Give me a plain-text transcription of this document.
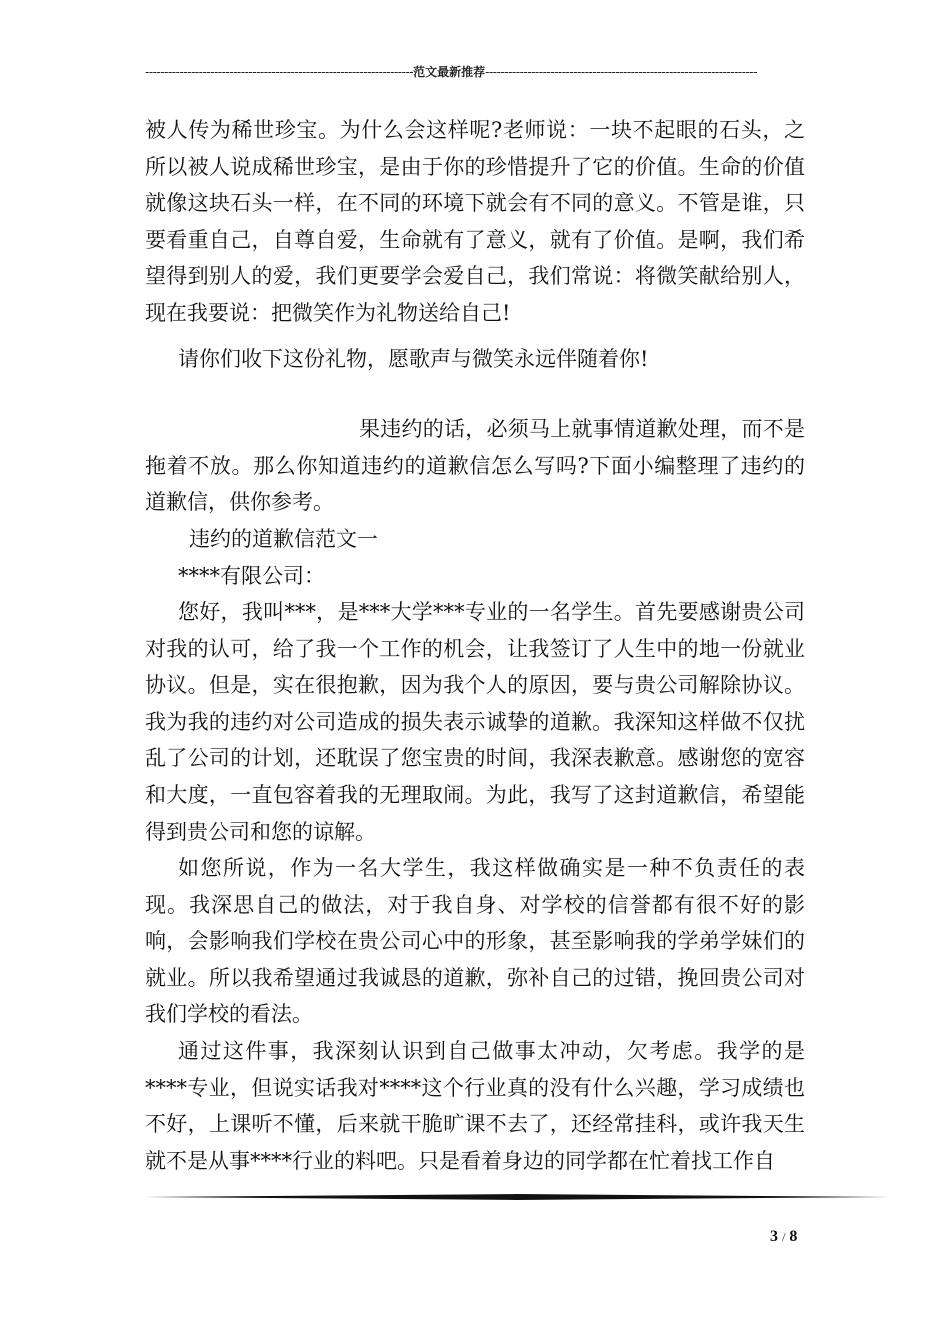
----------------------------------------------------------------------范文最新推荐-----------------------------------------------------------------------

被人传为稀世珍宝。为什么会这样呢?老师说：一块不起眼的石头，之所以被人说成稀世珍宝，是由于你的珍惜提升了它的价值。生命的价值就像这块石头一样，在不同的环境下就会有不同的意义。不管是谁，只要看重自己，自尊自爱，生命就有了意义，就有了价值。是啊，我们希望得到别人的爱，我们更要学会爱自己，我们常说：将微笑献给别人，现在我要说：把微笑作为礼物送给自己!

请你们收下这份礼物，愿歌声与微笑永远伴随着你!

果违约的话，必须马上就事情道歉处理，而不是拖着不放。那么你知道违约的道歉信怎么写吗?下面小编整理了违约的道歉信，供你参考。

违约的道歉信范文一

****有限公司：

您好，我叫***，是***大学***专业的一名学生。首先要感谢贵公司对我的认可，给了我一个工作的机会，让我签订了人生中的地一份就业协议。但是，实在很抱歉，因为我个人的原因，要与贵公司解除协议。我为我的违约对公司造成的损失表示诚挚的道歉。我深知这样做不仅扰乱了公司的计划，还耽误了您宝贵的时间，我深表歉意。感谢您的宽容和大度，一直包容着我的无理取闹。为此，我写了这封道歉信，希望能得到贵公司和您的谅解。

如您所说，作为一名大学生，我这样做确实是一种不负责任的表现。我深思自己的做法，对于我自身、对学校的信誉都有很不好的影响，会影响我们学校在贵公司心中的形象，甚至影响我的学弟学妹们的就业。所以我希望通过我诚恳的道歉，弥补自己的过错，挽回贵公司对我们学校的看法。

通过这件事，我深刻认识到自己做事太冲动，欠考虑。我学的是****专业，但说实话我对****这个行业真的没有什么兴趣，学习成绩也不好，上课听不懂，后来就干脆旷课不去了，还经常挂科，或许我天生就不是从事****行业的料吧。只是看着身边的同学都在忙着找工作自

3 / 8
